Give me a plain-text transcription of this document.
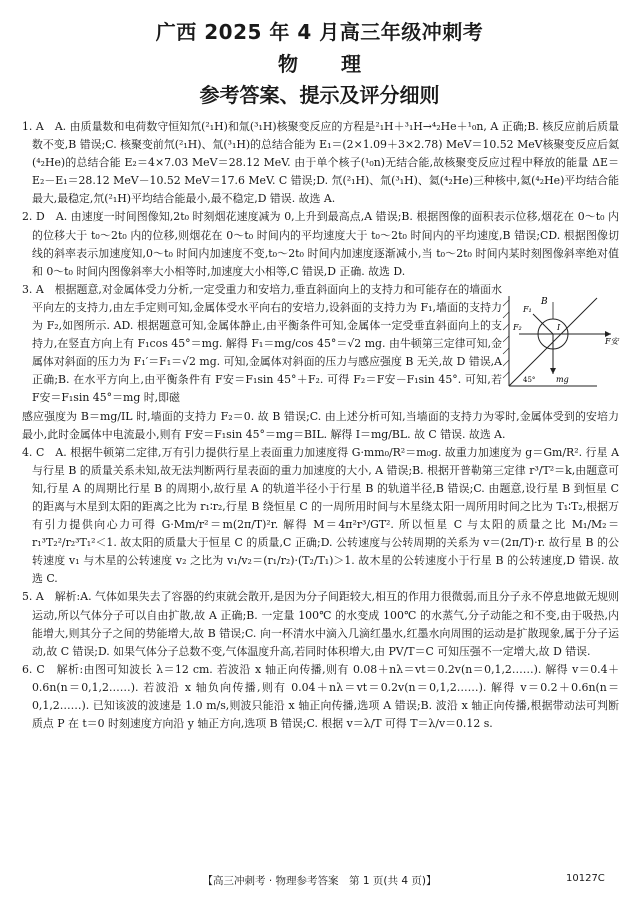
广西 2025 年 4 月高三年级冲刺考
物 理
参考答案、提示及评分细则

1. A　A. 由质量数和电荷数守恒知氘(²₁H)和氚(³₁H)核聚变反应的方程是²₁H＋³₁H→⁴₂He＋¹₀n, A 正确;B. 核反应前后质量数不变,B 错误;C. 核聚变前氘(²₁H)、氚(³₁H)的总结合能为 E₁＝(2×1.09＋3×2.78) MeV＝10.52 MeV核聚变反应后氦(⁴₂He)的总结合能 E₂＝4×7.03 MeV＝28.12 MeV. 由于单个核子(¹₀n)无结合能,故核聚变反应过程中释放的能量 ΔE＝E₂－E₁＝28.12 MeV－10.52 MeV＝17.6 MeV. C 错误;D. 氘(²₁H)、氚(³₁H)、氦(⁴₂He)三种核中,氦(⁴₂He)平均结合能最大,最稳定,氘(²₁H)平均结合能最小,最不稳定,D 错误. 故选 A.

2. D　A. 由速度一时间图像知,2t₀ 时刻烟花速度减为 0,上升到最高点,A 错误;B. 根据图像的面积表示位移,烟花在 0～t₀ 内的位移大于 t₀～2t₀ 内的位移,则烟花在 0～t₀ 时间内的平均速度大于 t₀～2t₀ 时间内的平均速度,B 错误;CD. 根据图像切线的斜率表示加速度知,0～t₀ 时间内加速度不变,t₀～2t₀ 时间内加速度逐渐减小,当 t₀～2t₀ 时间内某时刻图像斜率绝对值和 0～t₀ 时间内图像斜率大小相等时,加速度大小相等,C 错误,D 正确. 故选 D.

3. A　根据题意,对金属体受力分析,一定受重力和安培力,垂直斜面向上的支持力和可能存在的墙面水平向左的支持力,由左手定则可知,金属体受水平向右的安培力,设斜面的支持力为 F₁,墙面的支持力为 F₂,如图所示. AD. 根据题意可知,金属体静止,由平衡条件可知,金属体一定受垂直斜面向上的支持力,在竖直方向上有 F₁cos 45°＝mg. 解得 F₁＝mg/cos 45°＝√2 mg. 由牛顿第三定律可知,金属体对斜面的压力为 F₁′＝F₁＝√2 mg. 可知,金属体对斜面的压力与感应强度 B 无关,故 D 错误,A 正确;B. 在水平方向上,由平衡条件有 F安＝F₁sin 45°＋F₂. 可得 F₂＝F安－F₁sin 45°. 可知,若 F安＝F₁sin 45°＝mg 时,即磁

感应强度为 B＝mg/IL 时,墙面的支持力 F₂＝0. 故 B 错误;C. 由上述分析可知,当墙面的支持力为零时,金属体受到的安培力最小,此时金属体中电流最小,则有 F安＝F₁sin 45°＝mg＝BIL. 解得 I＝mg/BL. 故 C 错误. 故选 A.

4. C　A. 根据牛顿第二定律,万有引力提供行星上表面重力加速度得 G·mm₀/R²＝m₀g. 故重力加速度为 g＝Gm/R². 行星 A 与行星 B 的质量关系未知,故无法判断两行星表面的重力加速度的大小, A 错误;B. 根据开普勒第三定律 r³/T²＝k,由题意可知,行星 A 的周期比行星 B 的周期小,故行星 A 的轨道半径小于行星 B 的轨道半径,B 错误;C. 由题意,设行星 B 到恒星 C 的距离与木星到太阳的距离之比为 r₁∶r₂,行星 B 绕恒星 C 的一周所用时间与木星绕太阳一周所用时间之比为 T₁∶T₂,根据万有引力提供向心力可得 G·Mm/r²＝m(2π/T)²r. 解得 M＝4π²r³/GT². 所以恒星 C 与太阳的质量之比 M₁/M₂＝r₁³T₂²/r₂³T₁²＜1. 故太阳的质量大于恒星 C 的质量,C 正确;D. 公转速度与公转周期的关系为 v＝(2π/T)·r. 故行星 B 的公转速度 v₁ 与木星的公转速度 v₂ 之比为 v₁/v₂＝(r₁/r₂)·(T₂/T₁)＞1. 故木星的公转速度小于行星 B 的公转速度,D 错误. 故选 C.

5. A　解析:A. 气体如果失去了容器的约束就会散开,是因为分子间距较大,相互的作用力很微弱,而且分子永不停息地做无规则运动,所以气体分子可以自由扩散,故 A 正确;B. 一定量 100℃ 的水变成 100℃ 的水蒸气,分子动能之和不变,由于吸热,内能增大,则其分子之间的势能增大,故 B 错误;C. 向一杯清水中滴入几滴红墨水,红墨水向周围的运动是扩散现象,属于分子运动,故 C 错误;D. 如果气体分子总数不变,气体温度升高,若同时体积增大,由 PV/T＝C 可知压强不一定增大,故 D 错误.

6. C　解析:由图可知波长 λ＝12 cm. 若波沿 x 轴正向传播,则有 0.08＋nλ＝vt＝0.2v(n＝0,1,2……). 解得 v＝0.4＋0.6n(n＝0,1,2……). 若波沿 x 轴负向传播,则有 0.04＋nλ＝vt＝0.2v(n＝0,1,2……). 解得 v＝0.2＋0.6n(n＝0,1,2……). 已知该波的波速是 1.0 m/s,则波只能沿 x 轴正向传播,选项 A 错误;B. 波沿 x 轴正向传播,根据带动法可判断质点 P 在 t＝0 时刻速度方向沿 y 轴正方向,选项 B 错误;C. 根据 v＝λ/T 可得 T＝λ/v＝0.12 s.

B
F₁
F₂
F安
I
mg
45°
【高三冲刺考 · 物理参考答案　第 1 页(共 4 页)】	10127C
